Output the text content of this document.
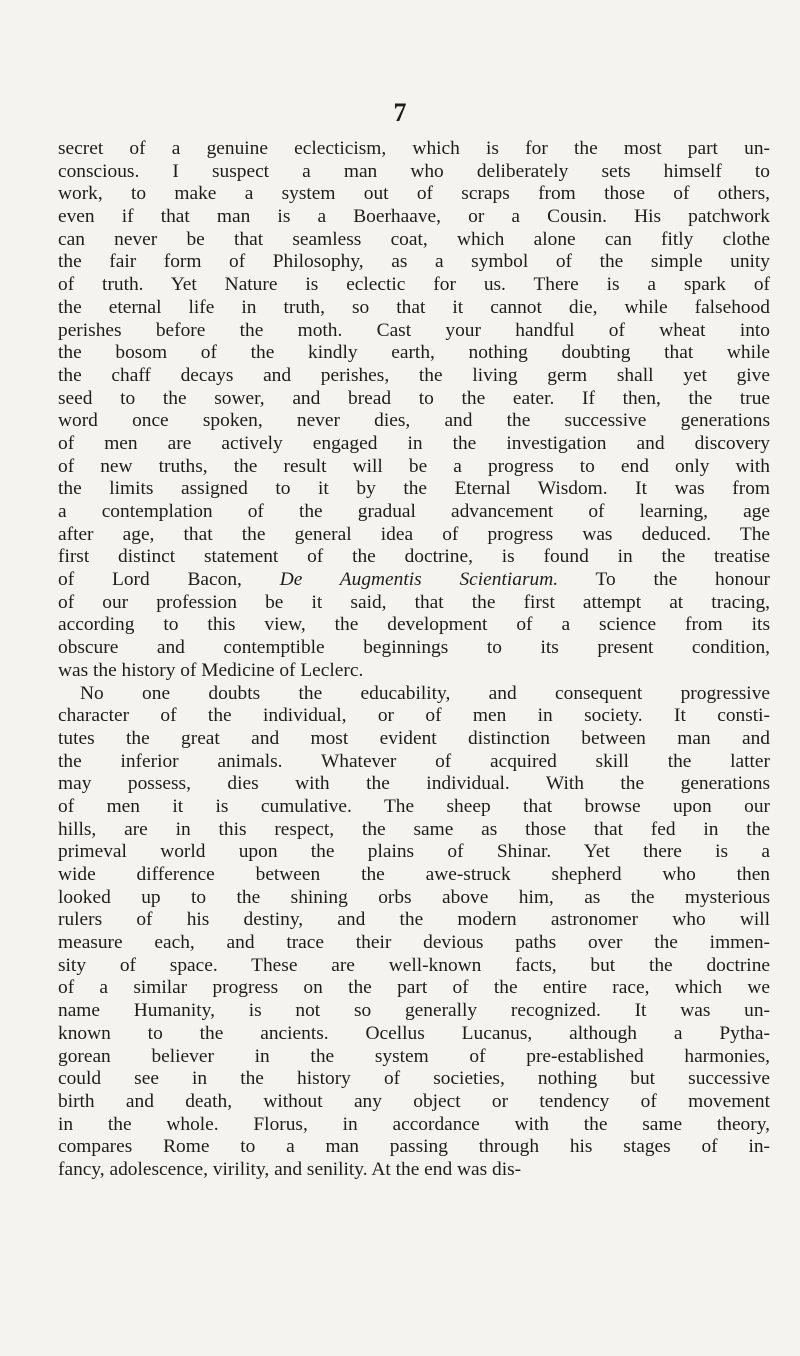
7
secret of a genuine eclecticism, which is for the most part un-
conscious. I suspect a man who deliberately sets himself to
work, to make a system out of scraps from those of others,
even if that man is a Boerhaave, or a Cousin. His patchwork
can never be that seamless coat, which alone can fitly clothe
the fair form of Philosophy, as a symbol of the simple unity
of truth. Yet Nature is eclectic for us. There is a spark of
the eternal life in truth, so that it cannot die, while falsehood
perishes before the moth. Cast your handful of wheat into
the bosom of the kindly earth, nothing doubting that while
the chaff decays and perishes, the living germ shall yet give
seed to the sower, and bread to the eater. If then, the true
word once spoken, never dies, and the successive generations
of men are actively engaged in the investigation and discovery
of new truths, the result will be a progress to end only with
the limits assigned to it by the Eternal Wisdom. It was from
a contemplation of the gradual advancement of learning, age
after age, that the general idea of progress was deduced. The
first distinct statement of the doctrine, is found in the treatise
of Lord Bacon, De Augmentis Scientiarum. To the honour
of our profession be it said, that the first attempt at tracing,
according to this view, the development of a science from its
obscure and contemptible beginnings to its present condition,
was the history of Medicine of Leclerc.
No one doubts the educability, and consequent progressive
character of the individual, or of men in society. It consti-
tutes the great and most evident distinction between man and
the inferior animals. Whatever of acquired skill the latter
may possess, dies with the individual. With the generations
of men it is cumulative. The sheep that browse upon our
hills, are in this respect, the same as those that fed in the
primeval world upon the plains of Shinar. Yet there is a
wide difference between the awe-struck shepherd who then
looked up to the shining orbs above him, as the mysterious
rulers of his destiny, and the modern astronomer who will
measure each, and trace their devious paths over the immen-
sity of space. These are well-known facts, but the doctrine
of a similar progress on the part of the entire race, which we
name Humanity, is not so generally recognized. It was un-
known to the ancients. Ocellus Lucanus, although a Pytha-
gorean believer in the system of pre-established harmonies,
could see in the history of societies, nothing but successive
birth and death, without any object or tendency of movement
in the whole. Florus, in accordance with the same theory,
compares Rome to a man passing through his stages of in-
fancy, adolescence, virility, and senility. At the end was dis-
